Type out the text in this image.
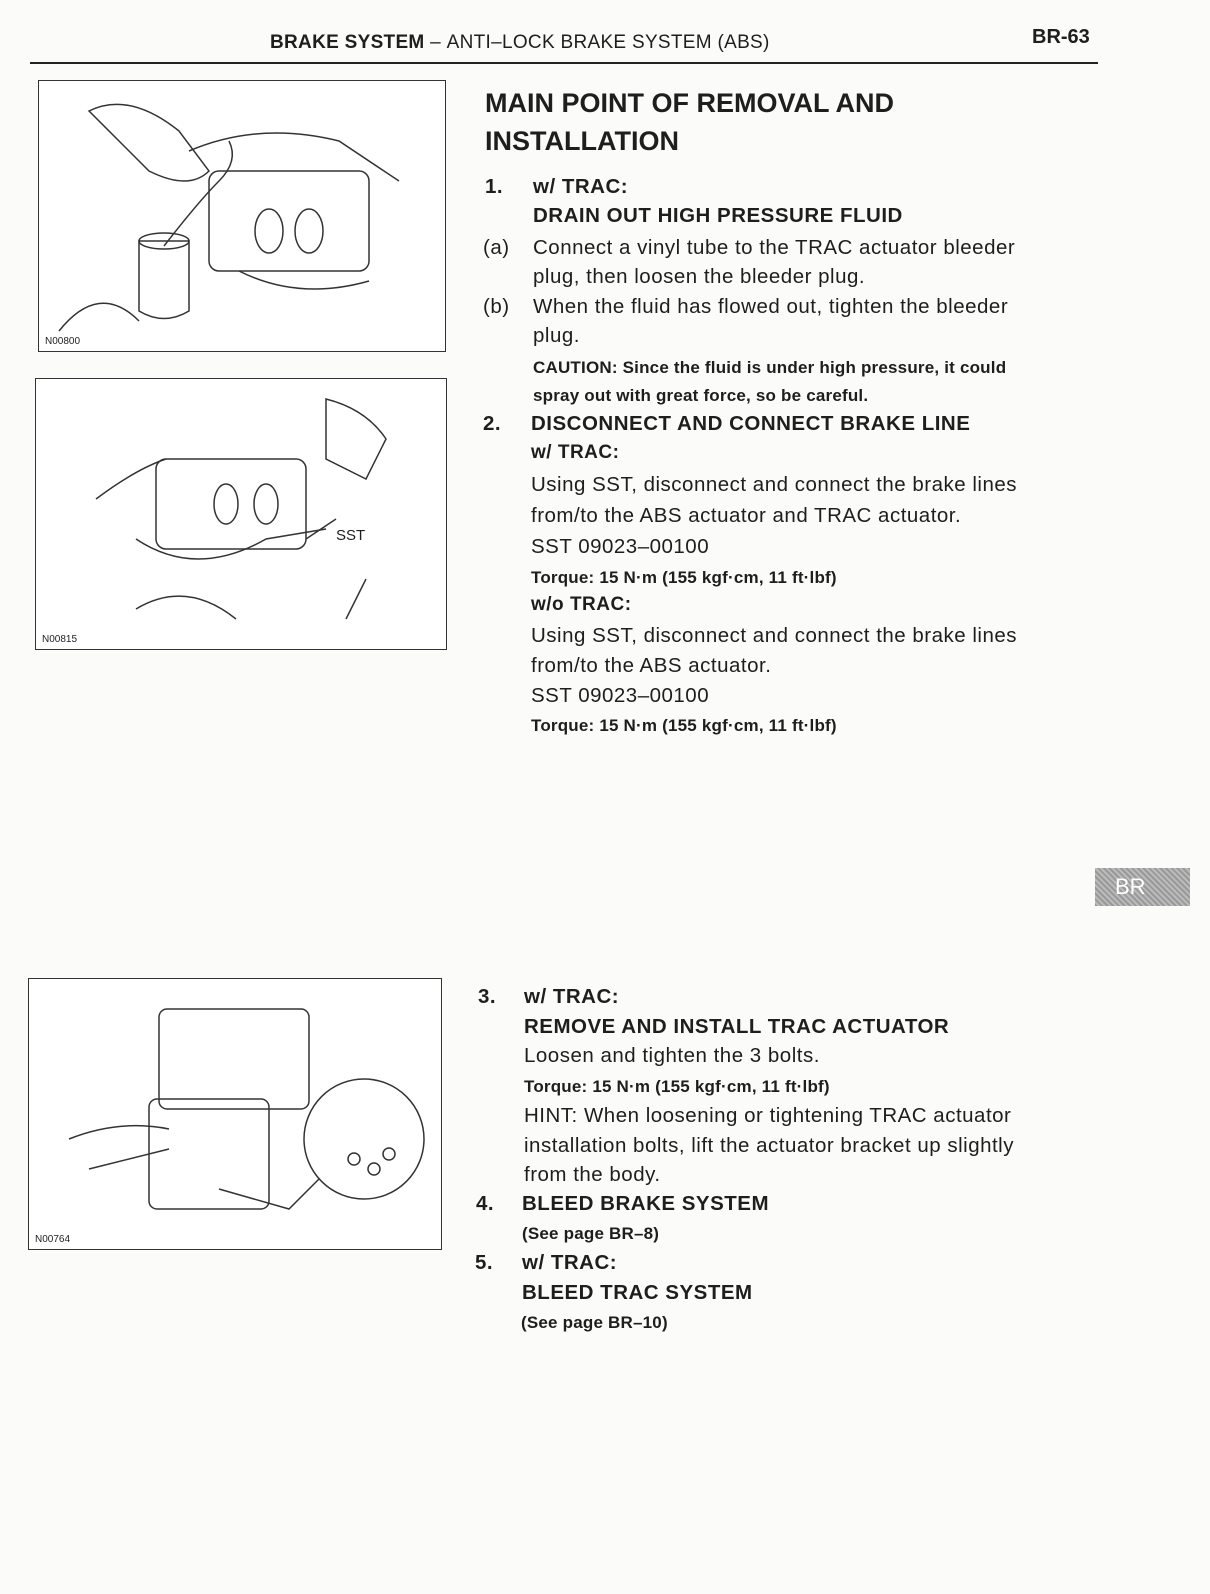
BRAKE SYSTEM – ANTI–LOCK BRAKE SYSTEM (ABS)	BR-63
BR
N00800
SST
N00815
N00764
MAIN POINT OF REMOVAL AND
INSTALLATION
1. w/ TRAC:
DRAIN OUT HIGH PRESSURE FLUID
(a) Connect a vinyl tube to the TRAC actuator bleeder
plug, then loosen the bleeder plug.
(b) When the fluid has flowed out, tighten the bleeder
plug.
CAUTION: Since the fluid is under high pressure, it could
spray out with great force, so be careful.
2. DISCONNECT AND CONNECT BRAKE LINE
w/ TRAC:
Using SST, disconnect and connect the brake lines
from/to the ABS actuator and TRAC actuator.
SST 09023–00100
Torque: 15 N·m (155 kgf·cm, 11 ft·lbf)
w/o TRAC:
Using SST, disconnect and connect the brake lines
from/to the ABS actuator.
SST 09023–00100
Torque: 15 N·m (155 kgf·cm, 11 ft·lbf)
3. w/ TRAC:
REMOVE AND INSTALL TRAC ACTUATOR
Loosen and tighten the 3 bolts.
Torque: 15 N·m (155 kgf·cm, 11 ft·lbf)
HINT: When loosening or tightening TRAC actuator
installation bolts, lift the actuator bracket up slightly
from the body.
4. BLEED BRAKE SYSTEM
(See page BR–8)
5. w/ TRAC:
BLEED TRAC SYSTEM
(See page BR–10)
